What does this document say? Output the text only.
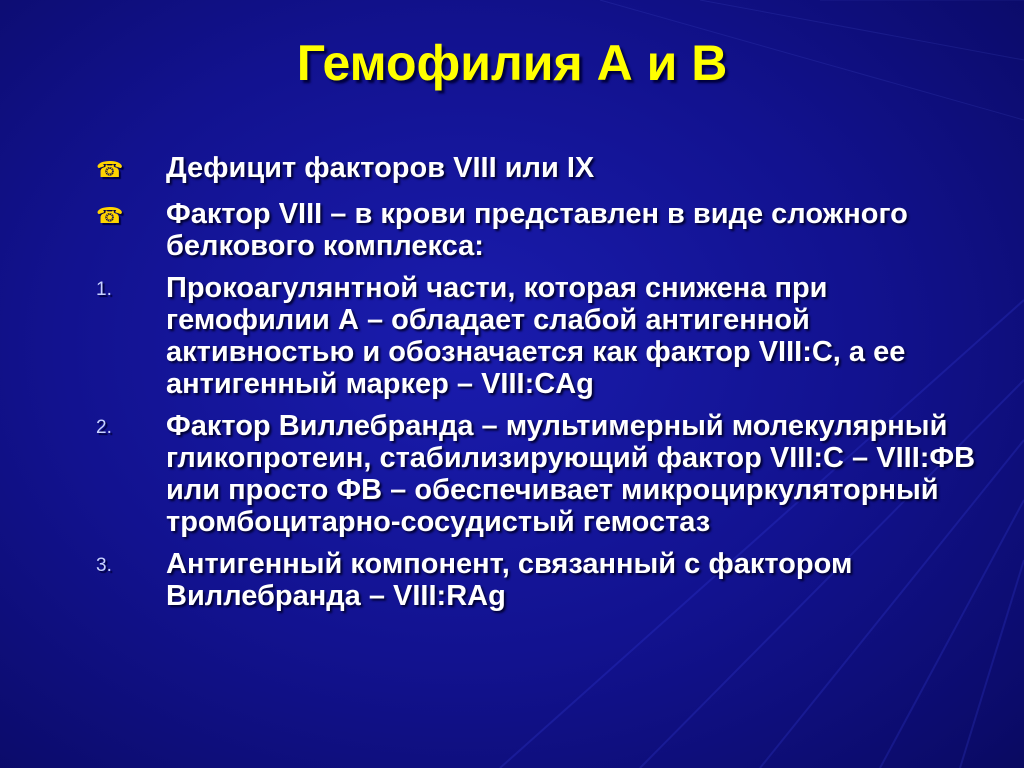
Гемофилия А и В
☎	Дефицит факторов VIII или IX
☎	Фактор VIII – в крови представлен в виде сложного белкового комплекса:
1.	Прокоагулянтной части, которая снижена при гемофилии А – обладает слабой антигенной активностью и обозначается как фактор VIII:C, а ее антигенный маркер – VIII:CAg
2.	Фактор Виллебранда – мультимерный молекулярный гликопротеин, стабилизирующий фактор VIII:C – VIII:ФВ или просто ФВ – обеспечивает микроциркуляторный тромбоцитарно-сосудистый гемостаз
3.	Антигенный компонент, связанный с фактором Виллебранда – VIII:RAg
